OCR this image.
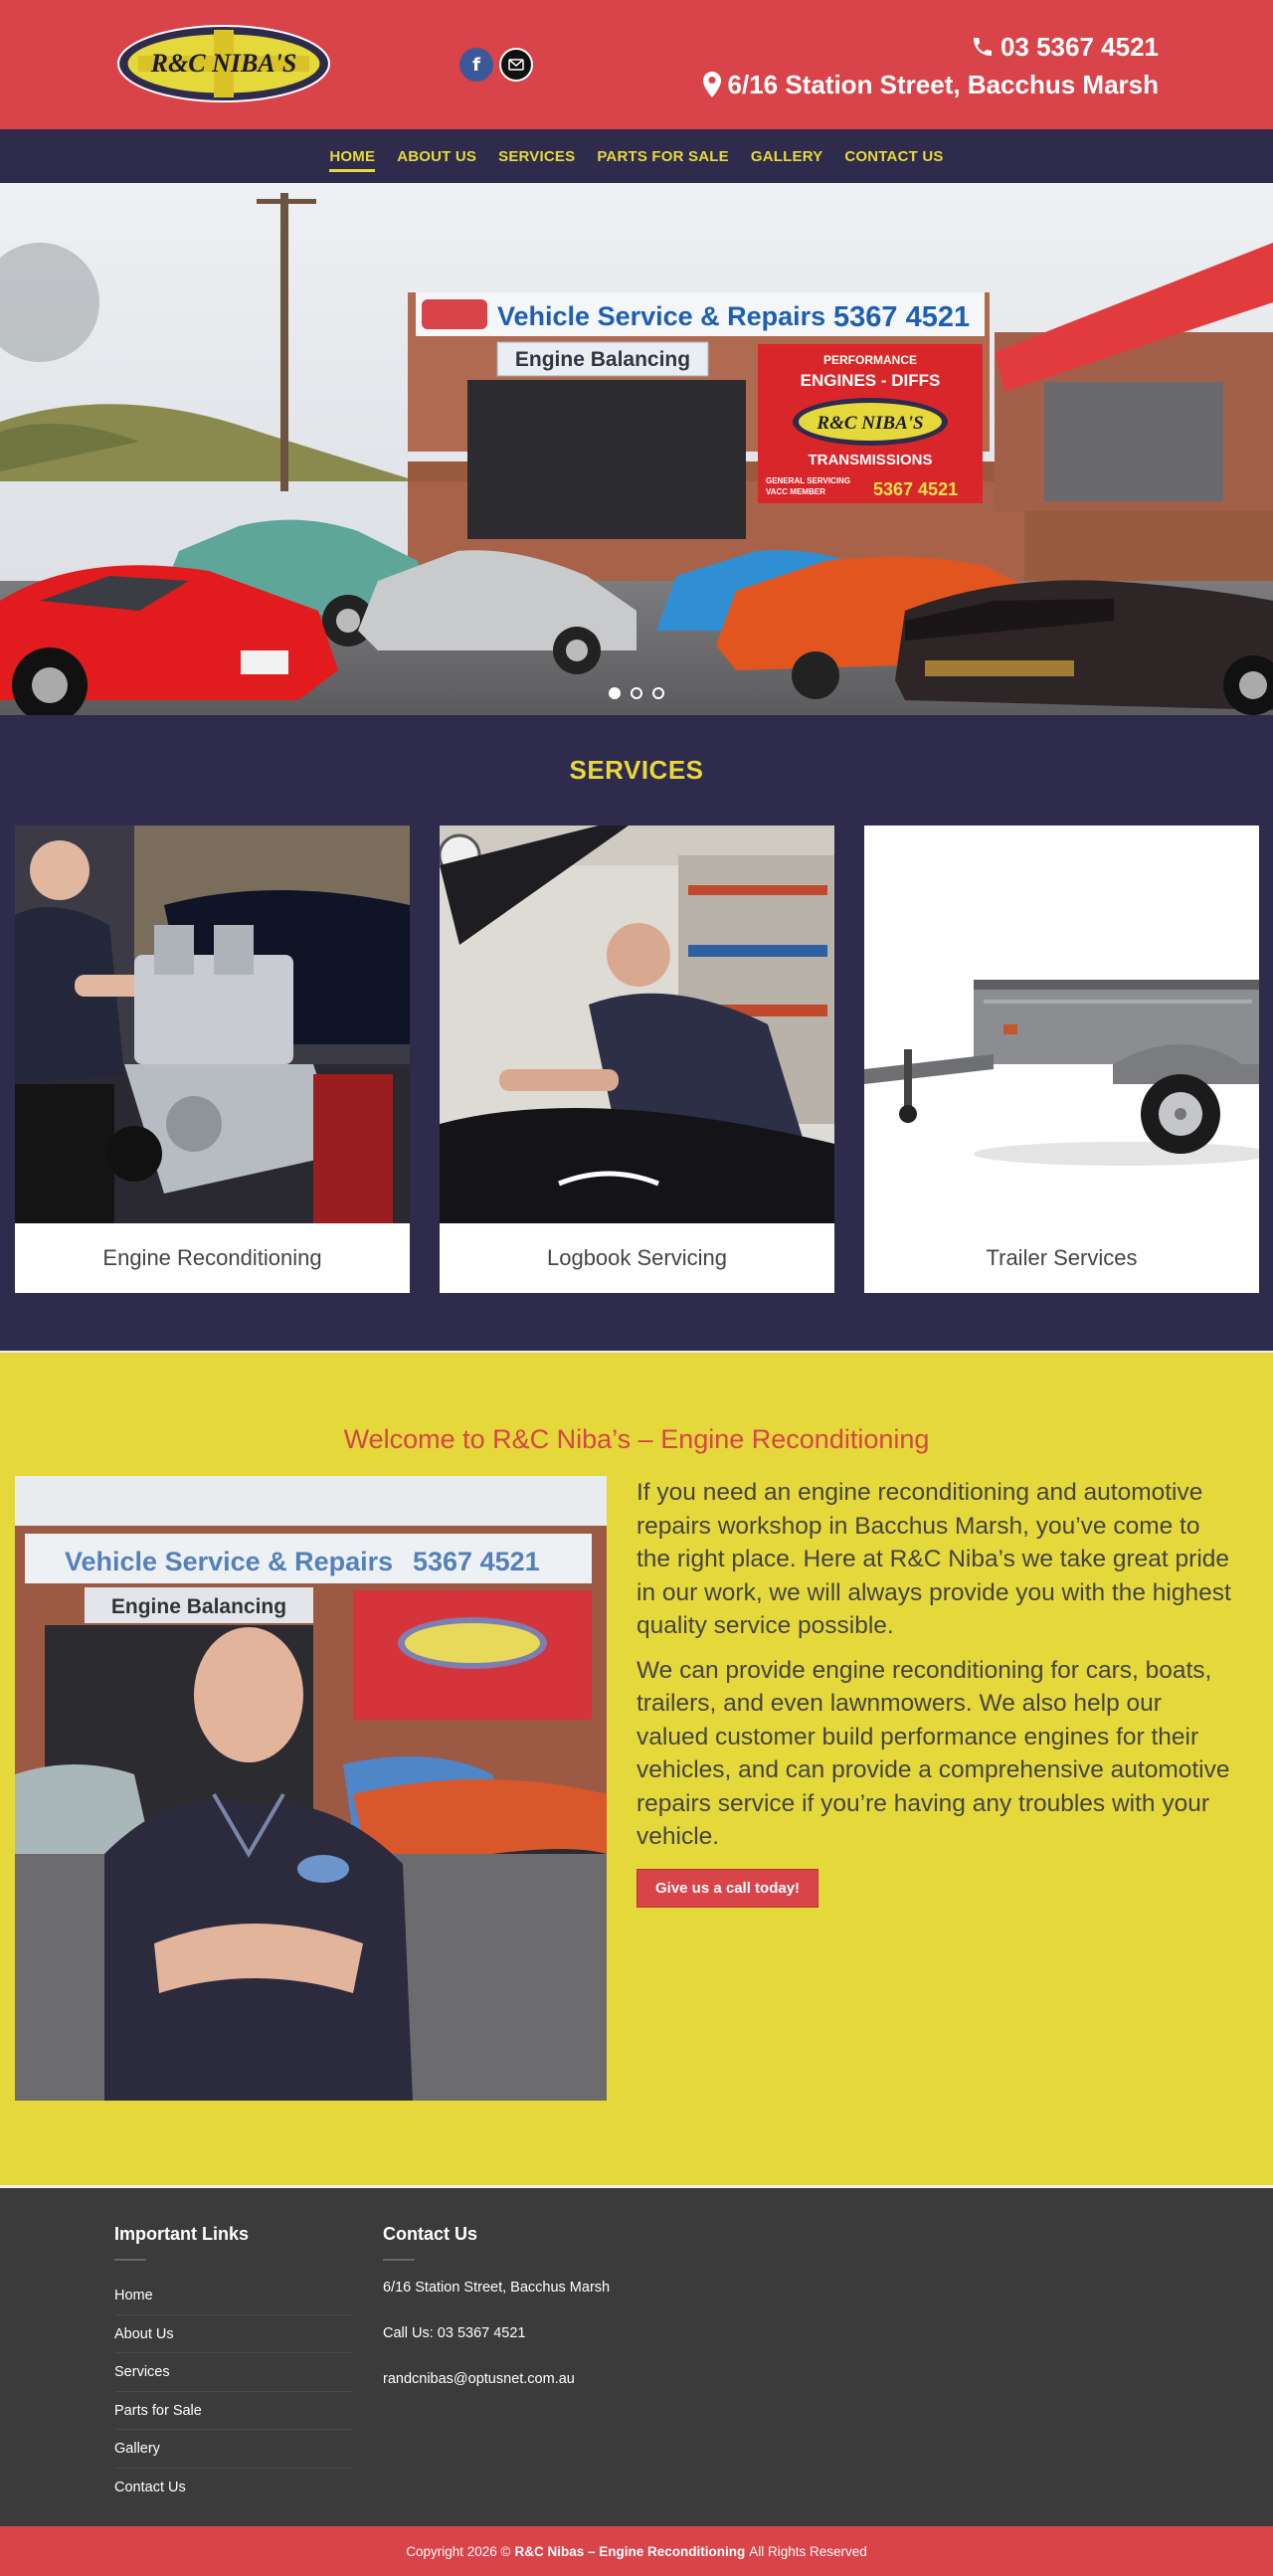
R&C NIBA'S	f
03 5367 4521
6/16 Station Street, Bacchus Marsh
HOME ABOUT US SERVICES PARTS FOR SALE GALLERY CONTACT US
Vehicle Service & Repairs 5367 4521
Engine Balancing	PERFORMANCE
ENGINES - DIFFS
R&C NIBA'S
TRANSMISSIONS
GENERAL SERVICING
VACC MEMBER	5367 4521
SERVICES
Engine Reconditioning	Logbook Servicing	Trailer Services
Welcome to R&C Niba’s – Engine Reconditioning
Vehicle Service & Repairs 5367 4521
Engine Balancing

If you need an engine reconditioning and automotive repairs workshop in Bacchus Marsh, you’ve come to the right place. Here at R&C Niba’s we take great pride in our work, we will always provide you with the highest quality service possible.

We can provide engine reconditioning for cars, boats, trailers, and even lawnmowers. We also help our valued customer build performance engines for their vehicles, and can provide a comprehensive automotive repairs service if you’re having any troubles with your vehicle.

Give us a call today!
Important Links
Home
About Us
Services
Parts for Sale
Gallery
Contact Us
Contact Us
6/16 Station Street, Bacchus Marsh
Call Us: 03 5367 4521
randcnibas@optusnet.com.au
Copyright 2026 © R&C Nibas – Engine Reconditioning All Rights Reserved
